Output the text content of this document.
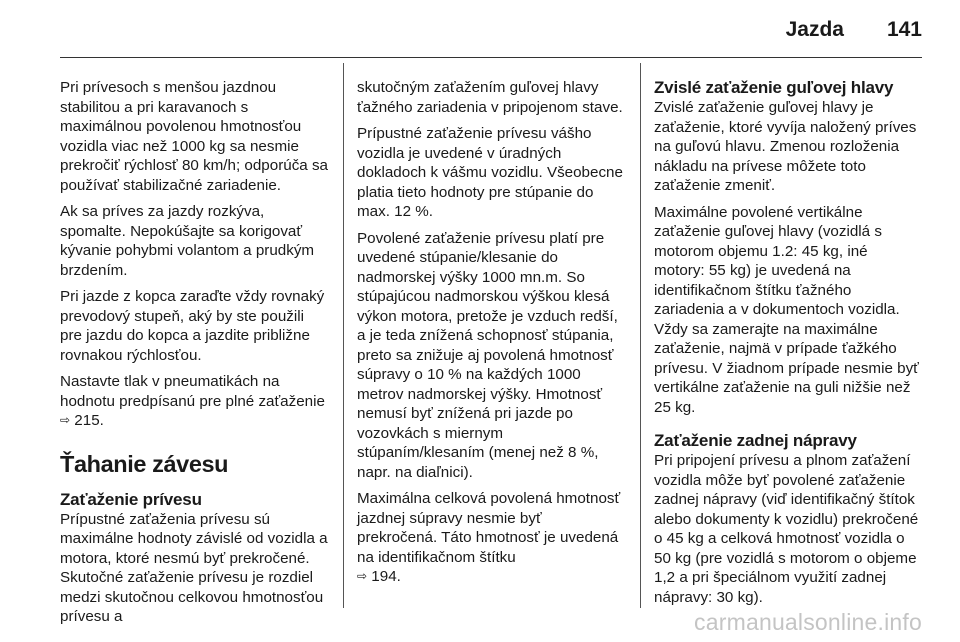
Jazda 141

Pri prívesoch s menšou jazdnou stabilitou a pri karavanoch s maximálnou povolenou hmotnosťou vozidla viac než 1000 kg sa nesmie prekročiť rýchlosť 80 km/h; odporúča sa používať stabilizačné zariadenie.

Ak sa príves za jazdy rozkýva, spomalte. Nepokúšajte sa korigovať kývanie pohybmi volantom a prudkým brzdením.

Pri jazde z kopca zaraďte vždy rovnaký prevodový stupeň, aký by ste použili pre jazdu do kopca a jazdite približne rovnakou rýchlosťou.

Nastavte tlak v pneumatikách na hodnotu predpísanú pre plné zaťaženie ⇨ 215.

Ťahanie závesu
Zaťaženie prívesu

Prípustné zaťaženia prívesu sú maximálne hodnoty závislé od vozidla a motora, ktoré nesmú byť prekročené. Skutočné zaťaženie prívesu je rozdiel medzi skutočnou celkovou hmotnosťou prívesu a

skutočným zaťažením guľovej hlavy ťažného zariadenia v pripojenom stave.

Prípustné zaťaženie prívesu vášho vozidla je uvedené v úradných dokladoch k vášmu vozidlu. Všeobecne platia tieto hodnoty pre stúpanie do max. 12 %.

Povolené zaťaženie prívesu platí pre uvedené stúpanie/klesanie do nadmorskej výšky 1000 mn.m. So stúpajúcou nadmorskou výškou klesá výkon motora, pretože je vzduch redší, a je teda znížená schopnosť stúpania, preto sa znižuje aj povolená hmotnosť súpravy o 10 % na každých 1000 metrov nadmorskej výšky. Hmotnosť nemusí byť znížená pri jazde po vozovkách s miernym stúpaním/klesaním (menej než 8 %, napr. na diaľnici).

Maximálna celková povolená hmotnosť jazdnej súpravy nesmie byť prekročená. Táto hmotnosť je uvedená na identifikačnom štítku
⇨ 194.

Zvislé zaťaženie guľovej hlavy

Zvislé zaťaženie guľovej hlavy je zaťaženie, ktoré vyvíja naložený príves na guľovú hlavu. Zmenou rozloženia nákladu na prívese môžete toto zaťaženie zmeniť.

Maximálne povolené vertikálne zaťaženie guľovej hlavy (vozidlá s motorom objemu 1.2: 45 kg, iné motory: 55 kg) je uvedená na identifikačnom štítku ťažného zariadenia a v dokumentoch vozidla. Vždy sa zamerajte na maximálne zaťaženie, najmä v prípade ťažkého prívesu. V žiadnom prípade nesmie byť vertikálne zaťaženie na guli nižšie než 25 kg.

Zaťaženie zadnej nápravy

Pri pripojení prívesu a plnom zaťažení vozidla môže byť povolené zaťaženie zadnej nápravy (viď identifikačný štítok alebo dokumenty k vozidlu) prekročené o 45 kg a celková hmotnosť vozidla o 50 kg (pre vozidlá s motorom o objeme 1,2 a pri špeciálnom využití zadnej nápravy: 30 kg).

carmanualsonline.info
